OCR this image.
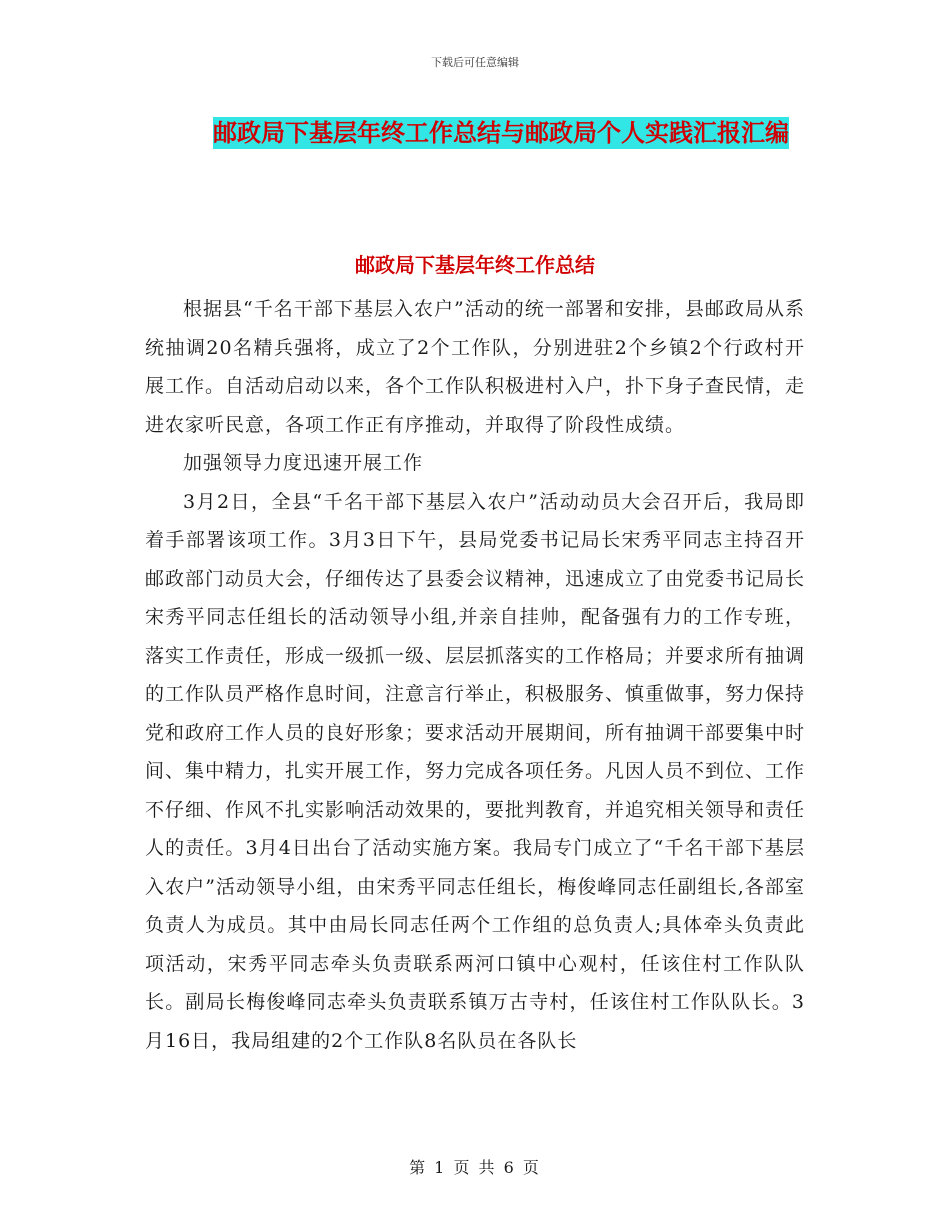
下载后可任意编辑
邮政局下基层年终工作总结与邮政局个人实践汇报汇编
邮政局下基层年终工作总结

根据县“千名干部下基层入农户”活动的统一部署和安排，县邮政局从系统抽调20名精兵强将，成立了2个工作队，分别进驻2个乡镇2个行政村开展工作。自活动启动以来，各个工作队积极进村入户，扑下身子查民情，走进农家听民意，各项工作正有序推动，并取得了阶段性成绩。

加强领导力度迅速开展工作

3月2日，全县“千名干部下基层入农户”活动动员大会召开后，我局即着手部署该项工作。3月3日下午，县局党委书记局长宋秀平同志主持召开邮政部门动员大会，仔细传达了县委会议精神，迅速成立了由党委书记局长宋秀平同志任组长的活动领导小组,并亲自挂帅，配备强有力的工作专班，落实工作责任，形成一级抓一级、层层抓落实的工作格局；并要求所有抽调的工作队员严格作息时间，注意言行举止，积极服务、慎重做事，努力保持党和政府工作人员的良好形象；要求活动开展期间，所有抽调干部要集中时间、集中精力，扎实开展工作，努力完成各项任务。凡因人员不到位、工作不仔细、作风不扎实影响活动效果的，要批判教育，并追究相关领导和责任人的责任。3月4日出台了活动实施方案。我局专门成立了“千名干部下基层入农户”活动领导小组，由宋秀平同志任组长，梅俊峰同志任副组长,各部室负责人为成员。其中由局长同志任两个工作组的总负责人;具体牵头负责此项活动，宋秀平同志牵头负责联系两河口镇中心观村，任该住村工作队队长。副局长梅俊峰同志牵头负责联系镇万古寺村，任该住村工作队队长。3月16日，我局组建的2个工作队8名队员在各队长

第 1 页 共 6 页
